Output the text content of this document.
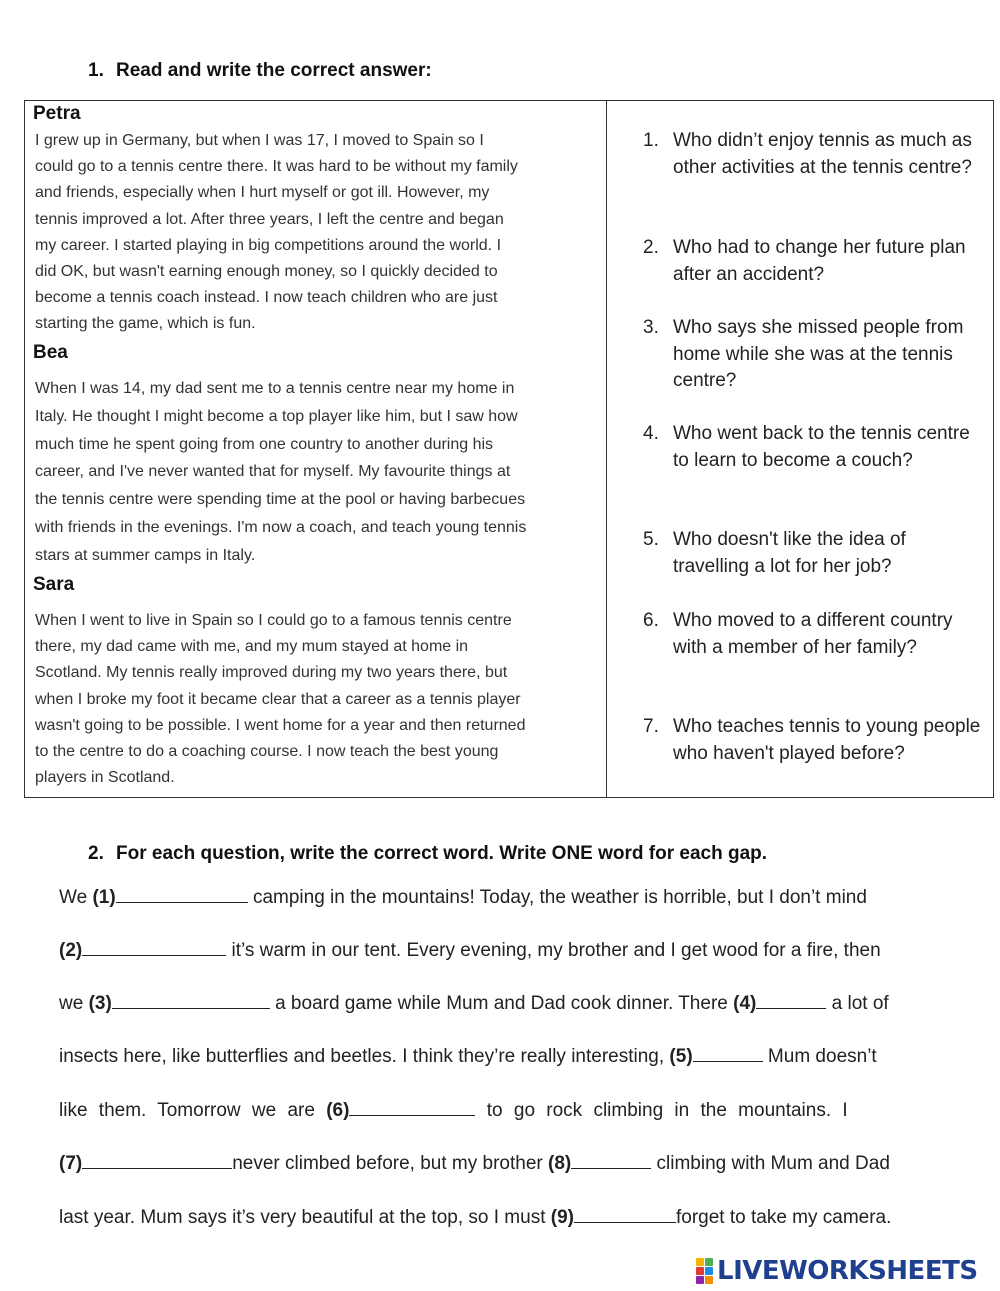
1. Read and write the correct answer:
Petra
I grew up in Germany, but when I was 17, I moved to Spain so I
could go to a tennis centre there. It was hard to be without my family
and friends, especially when I hurt myself or got ill. However, my
tennis improved a lot. After three years, I left the centre and began
my career. I started playing in big competitions around the world. I
did OK, but wasn't earning enough money, so I quickly decided to
become a tennis coach instead. I now teach children who are just
starting the game, which is fun.
Bea
When I was 14, my dad sent me to a tennis centre near my home in
Italy. He thought I might become a top player like him, but I saw how
much time he spent going from one country to another during his
career, and I've never wanted that for myself. My favourite things at
the tennis centre were spending time at the pool or having barbecues
with friends in the evenings. I'm now a coach, and teach young tennis
stars at summer camps in Italy.
Sara
When I went to live in Spain so I could go to a famous tennis centre
there, my dad came with me, and my mum stayed at home in
Scotland. My tennis really improved during my two years there, but
when I broke my foot it became clear that a career as a tennis player
wasn't going to be possible. I went home for a year and then returned
to the centre to do a coaching course. I now teach the best young
players in Scotland.
1. Who didn’t enjoy tennis as much as other activities at the tennis centre?
2. Who had to change her future plan after an accident?
3. Who says she missed people from home while she was at the tennis centre?
4. Who went back to the tennis centre to learn to become a couch?
5. Who doesn't like the idea of travelling a lot for her job?
6. Who moved to a different country with a member of her family?
7. Who teaches tennis to young people who haven't played before?
2. For each question, write the correct word. Write ONE word for each gap.
We (1)	camping in the mountains! Today, the weather is horrible, but I don’t mind
(2)	it’s warm in our tent. Every evening, my brother and I get wood for a fire, then
we (3)	a board game while Mum and Dad cook dinner. There (4)	a lot of
insects here, like butterflies and beetles. I think they’re really interesting, (5)	Mum doesn’t
like them. Tomorrow we are (6)	to go rock climbing in the mountains. I
(7)	never climbed before, but my brother (8)	climbing with Mum and Dad
last year. Mum says it’s very beautiful at the top, so I must (9)	forget to take my camera.
LIVEWORKSHEETS
